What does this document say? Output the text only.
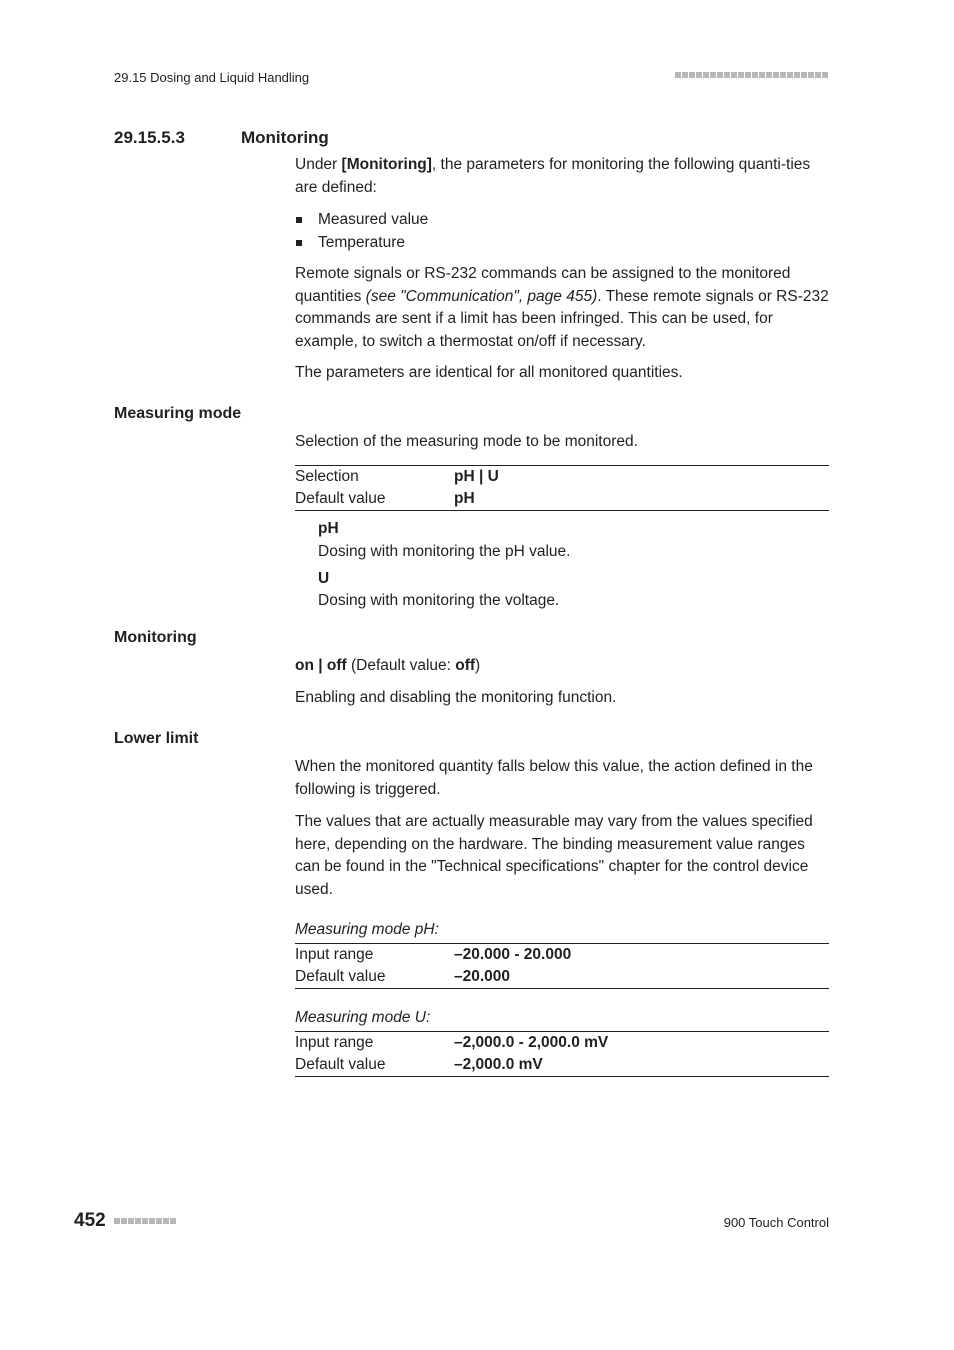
29.15 Dosing and Liquid Handling
29.15.5.3	Monitoring

Under [Monitoring], the parameters for monitoring the following quanti-ties are defined:

Measured value
Temperature

Remote signals or RS-232 commands can be assigned to the monitored quantities (see "Communication", page 455). These remote signals or RS-232 commands are sent if a limit has been infringed. This can be used, for example, to switch a thermostat on/off if necessary.

The parameters are identical for all monitored quantities.

Measuring mode

Selection of the measuring mode to be monitored.

Selection	pH | U
Default value	pH
pH
Dosing with monitoring the pH value.
U
Dosing with monitoring the voltage.
Monitoring

on | off (Default value: off)

Enabling and disabling the monitoring function.

Lower limit

When the monitored quantity falls below this value, the action defined in the following is triggered.

The values that are actually measurable may vary from the values specified here, depending on the hardware. The binding measurement value ranges can be found in the "Technical specifications" chapter for the control device used.

Measuring mode pH:
Input range	–20.000 - 20.000
Default value	–20.000
Measuring mode U:
Input range	–2,000.0 - 2,000.0 mV
Default value	–2,000.0 mV
452	900 Touch Control
